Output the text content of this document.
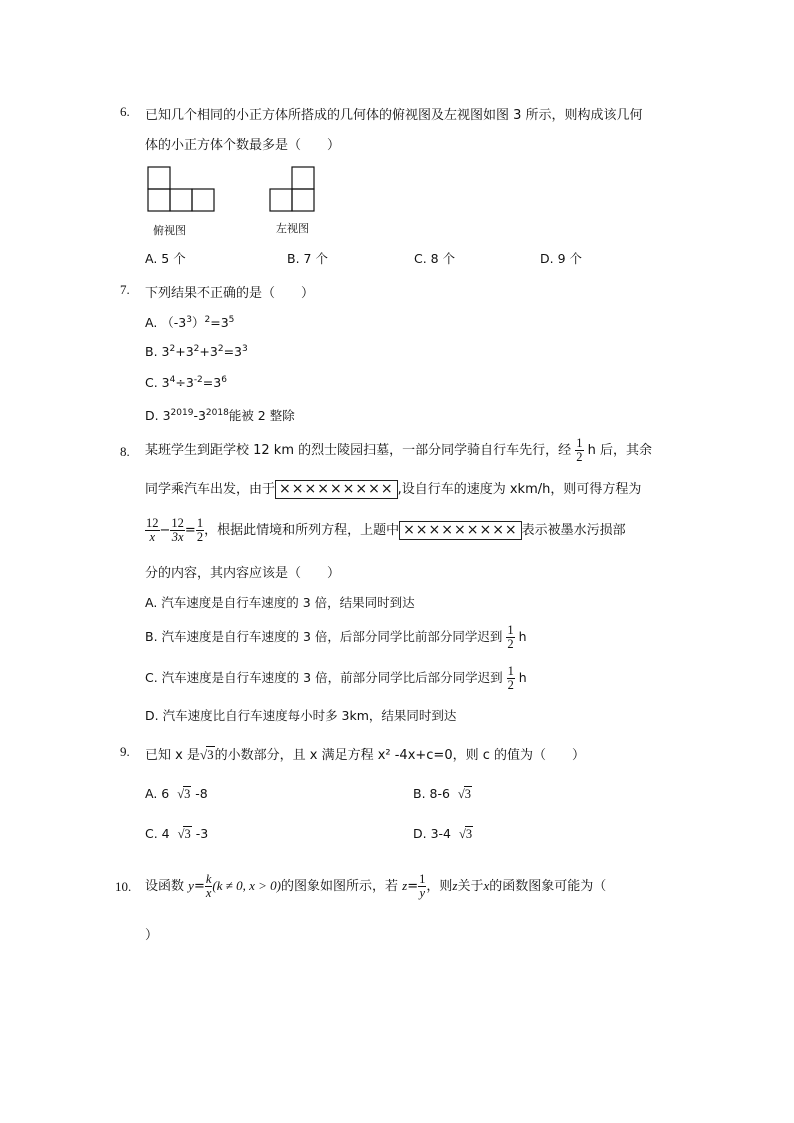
6. 已知几个相同的小正方体所搭成的几何体的俯视图及左视图如图 3 所示，则构成该几何
体的小正方体个数最多是（　　）
俯视图	左视图
A. 5 个	B. 7 个	C. 8 个	D. 9 个
7. 下列结果不正确的是（　　）
A. $(-3^3)^2=3^5$
B. $3^2+3^2+3^2=3^3$
C. $3^4\div 3^{-2}=3^6$
D. $3^{2019}-3^{2018}$能被 2 整除
8. 某班学生到距学校 12 km 的烈士陵园扫墓，一部分同学骑自行车先行，经 $\frac{1}{2}$ h 后，其余
同学乘汽车出发，由于 ××××××××× ,设自行车的速度为 xkm/h，则可得方程为
$\frac{12}{x} - \frac{12}{3x} = \frac{1}{2}$ ，根据此情境和所列方程，上题中 ××××××××× 表示被墨水污损部
分的内容，其内容应该是（　　）
A. 汽车速度是自行车速度的 3 倍，结果同时到达
B. 汽车速度是自行车速度的 3 倍，后部分同学比前部分同学迟到 $\frac{1}{2}$ h
C. 汽车速度是自行车速度的 3 倍，前部分同学比后部分同学迟到 $\frac{1}{2}$ h
D. 汽车速度比自行车速度每小时多 3km，结果同时到达
9. 已知 x 是√3的小数部分，且 x 满足方程 x² -4x+c=0，则 c 的值为（　　）
A. 6 √3 -8	B. 8-6 √3
C. 4 √3 -3	D. 3-4 √3
10. 设函数 $y= \frac{k}{x} (k \ne 0$, x > 0)的图象如图所示，若 $z= \frac{1}{y}$ ，则z关于x的函数图象可能为（
）
